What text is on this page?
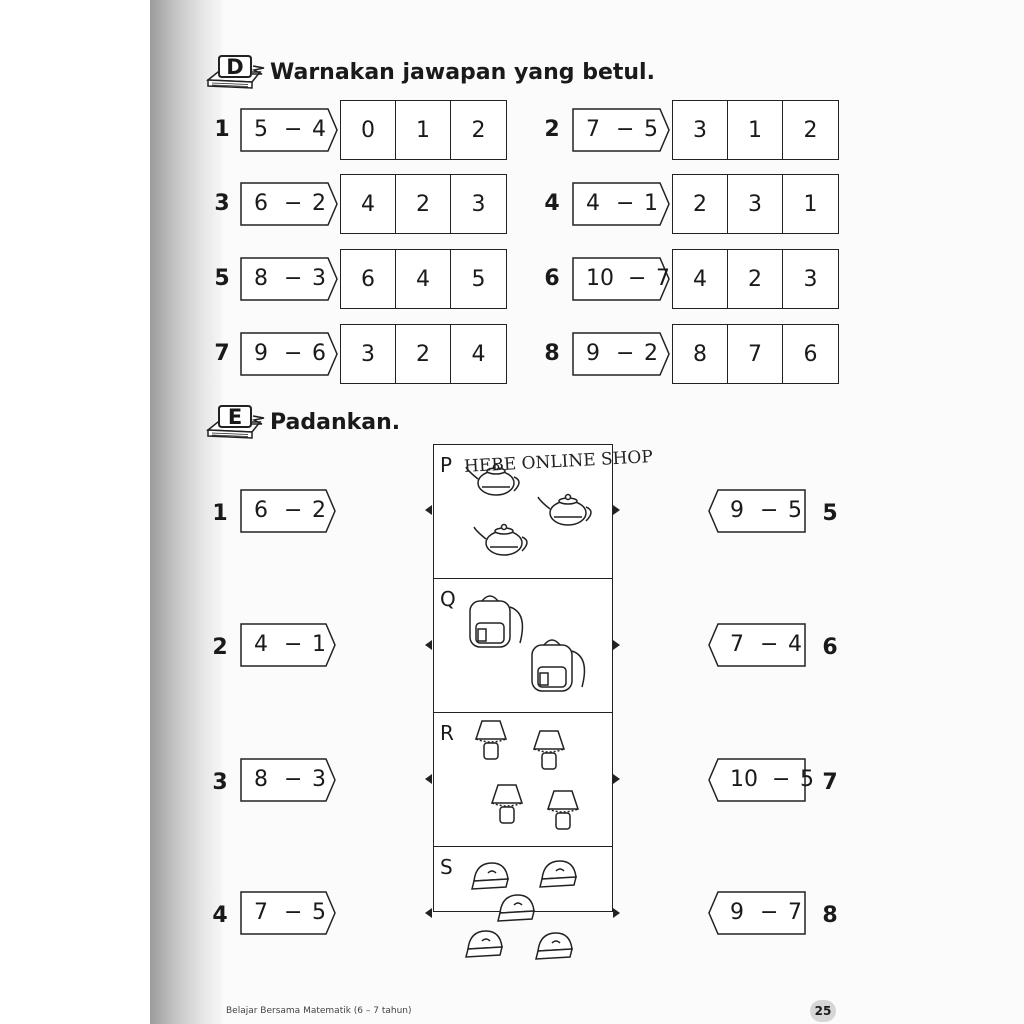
D Warnakan jawapan yang betul.
1 5 − 4	0	1	2	2 7 − 5	3	1	2
3 6 − 2	4	2	3	4 4 − 1	2	3	1
5 8 − 3	6	4	5	6 10 − 7	4	2	3
7 9 − 6	3	2	4	8 9 − 2	8	7	6
E	Padankan.
1 6 − 2
2 4 − 1
3 8 − 3
4 7 − 5
9 − 5 5
7 − 4 6
10 − 5 7
9 − 7 8
P
Q
R
S
HEBE ONLINE SHOP
Belajar Bersama Matematik (6 – 7 tahun)	25
